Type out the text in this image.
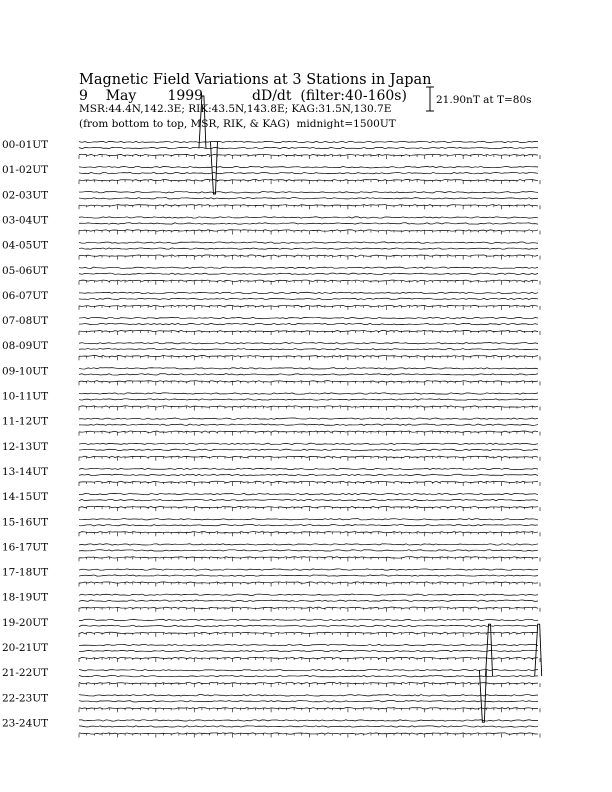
Magnetic Field Variations at 3 Stations in Japan
9    May       1999           dD/dt  (filter:40-160s)
MSR:44.4N,142.3E; RIK:43.5N,143.8E; KAG:31.5N,130.7E
(from bottom to top, MSR, RIK, & KAG)  midnight=1500UT
21.90nT at T=80s
00-01UT
01-02UT
02-03UT
03-04UT
04-05UT
05-06UT
06-07UT
07-08UT
08-09UT
09-10UT
10-11UT
11-12UT
12-13UT
13-14UT
14-15UT
15-16UT
16-17UT
17-18UT
18-19UT
19-20UT
20-21UT
21-22UT
22-23UT
23-24UT
